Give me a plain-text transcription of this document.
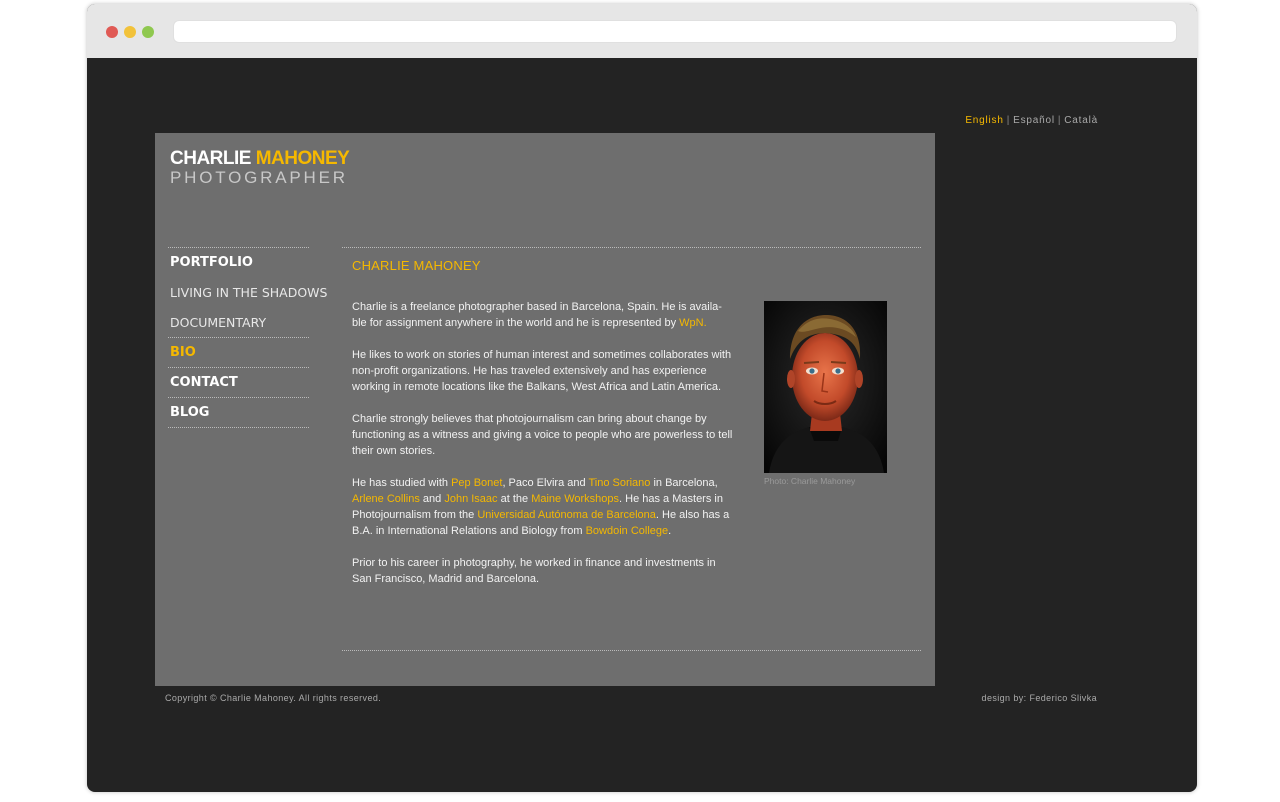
English | Español | Català
CHARLIE MAHONEY
PHOTOGRAPHER
PORTFOLIO
LIVING IN THE SHADOWS
DOCUMENTARY
BIO
CONTACT
BLOG
CHARLIE MAHONEY

Charlie is a freelance photographer based in Barcelona, Spain. He is availa-ble for assignment anywhere in the world and he is represented by WpN.

He likes to work on stories of human interest and sometimes collaborates with non-profit organizations. He has traveled extensively and has experience working in remote locations like the Balkans, West Africa and Latin America.

Charlie strongly believes that photojournalism can bring about change by functioning as a witness and giving a voice to people who are powerless to tell their own stories.

He has studied with Pep Bonet, Paco Elvira and Tino Soriano in Barcelona, Arlene Collins and John Isaac at the Maine Workshops. He has a Masters in Photojournalism from the Universidad Autónoma de Barcelona. He also has a B.A. in International Relations and Biology from Bowdoin College.

Prior to his career in photography, he worked in finance and investments in San Francisco, Madrid and Barcelona.

Photo: Charlie Mahoney
Copyright © Charlie Mahoney. All rights reserved.	design by: Federico Slivka
